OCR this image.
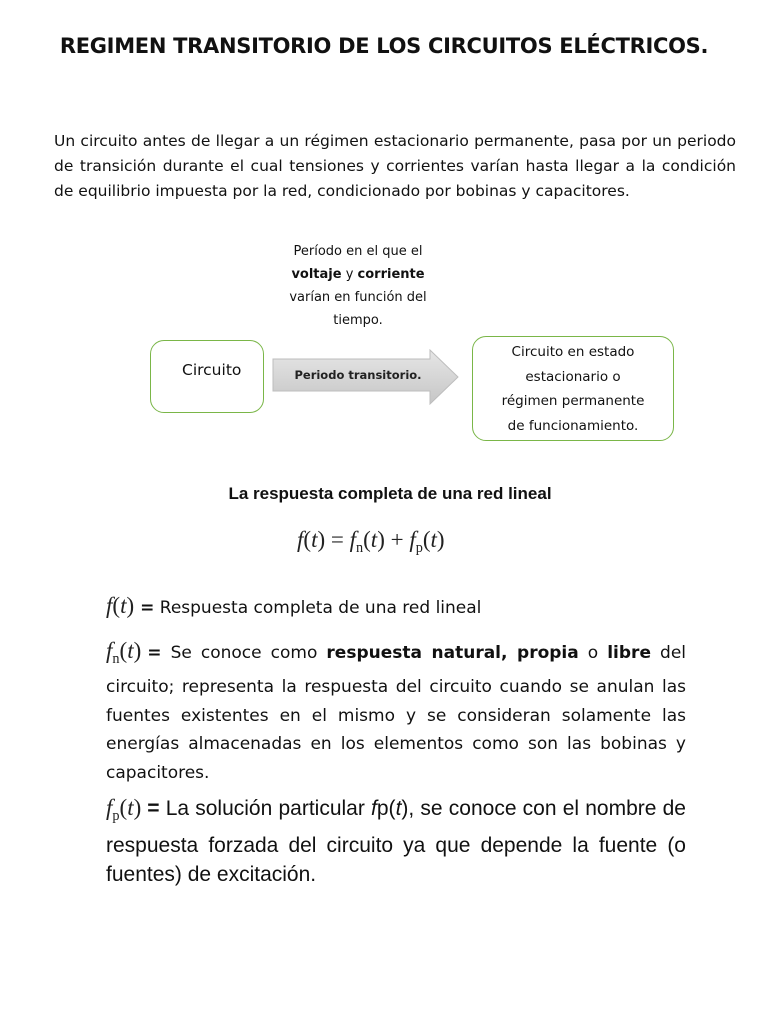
REGIMEN TRANSITORIO DE LOS CIRCUITOS ELÉCTRICOS.
Un circuito antes de llegar a un régimen estacionario permanente, pasa por un periodo de transición durante el cual tensiones y corrientes varían hasta llegar a la condición de equilibrio impuesta por la red, condicionado por bobinas y capacitores.
Período en el que el
voltaje y corriente
varían en función del
tiempo.
Circuito	Periodo transitorio.
Circuito en estado
estacionario o
régimen permanente
de funcionamiento.
La respuesta completa de una red lineal
$f(t) = f_n(t) + f_p(t)$
f(t) = Respuesta completa de una red lineal
$f_n(t) = Se$ conoce como respuesta natural, propia o libre del circuito; representa la respuesta del circuito cuando se anulan las fuentes existentes en el mismo y se consideran solamente las energías almacenadas en los elementos como son las bobinas y capacitores.
$f_p(t) = La$ solución particular fp(t), se conoce con el nombre de respuesta forzada del circuito ya que depende la fuente (o fuentes) de excitación.
